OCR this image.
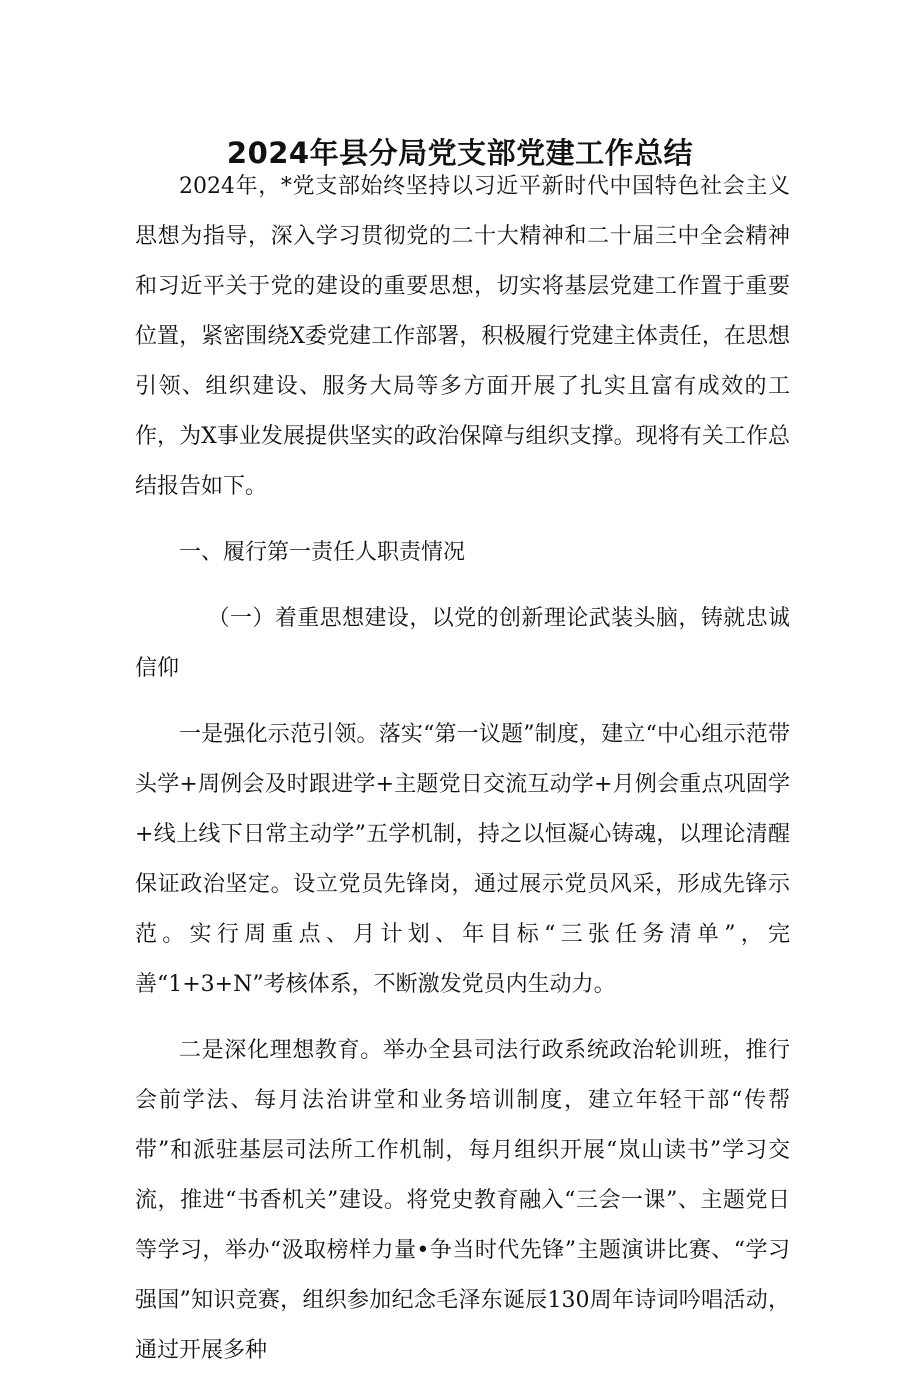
2024年县分局党支部党建工作总结

2024年，*党支部始终坚持以习近平新时代中国特色社会主义思想为指导，深入学习贯彻党的二十大精神和二十届三中全会精神和习近平关于党的建设的重要思想，切实将基层党建工作置于重要位置，紧密围绕X委党建工作部署，积极履行党建主体责任，在思想引领、组织建设、服务大局等多方面开展了扎实且富有成效的工作，为X事业发展提供坚实的政治保障与组织支撑。现将有关工作总结报告如下。

一、履行第一责任人职责情况

（一）着重思想建设，以党的创新理论武装头脑，铸就忠诚信仰

一是强化示范引领。落实“第一议题”制度，建立“中心组示范带头学+周例会及时跟进学+主题党日交流互动学+月例会重点巩固学+线上线下日常主动学”五学机制，持之以恒凝心铸魂，以理论清醒保证政治坚定。设立党员先锋岗，通过展示党员风采，形成先锋示范。实行周重点、月计划、年目标“三张任务清单”，完善“1+3+N”考核体系，不断激发党员内生动力。

二是深化理想教育。举办全县司法行政系统政治轮训班，推行会前学法、每月法治讲堂和业务培训制度，建立年轻干部“传帮带”和派驻基层司法所工作机制，每月组织开展“岚山读书”学习交流，推进“书香机关”建设。将党史教育融入“三会一课”、主题党日等学习，举办“汲取榜样力量•争当时代先锋”主题演讲比赛、“学习强国”知识竞赛，组织参加纪念毛泽东诞辰130周年诗词吟唱活动，通过开展多种
